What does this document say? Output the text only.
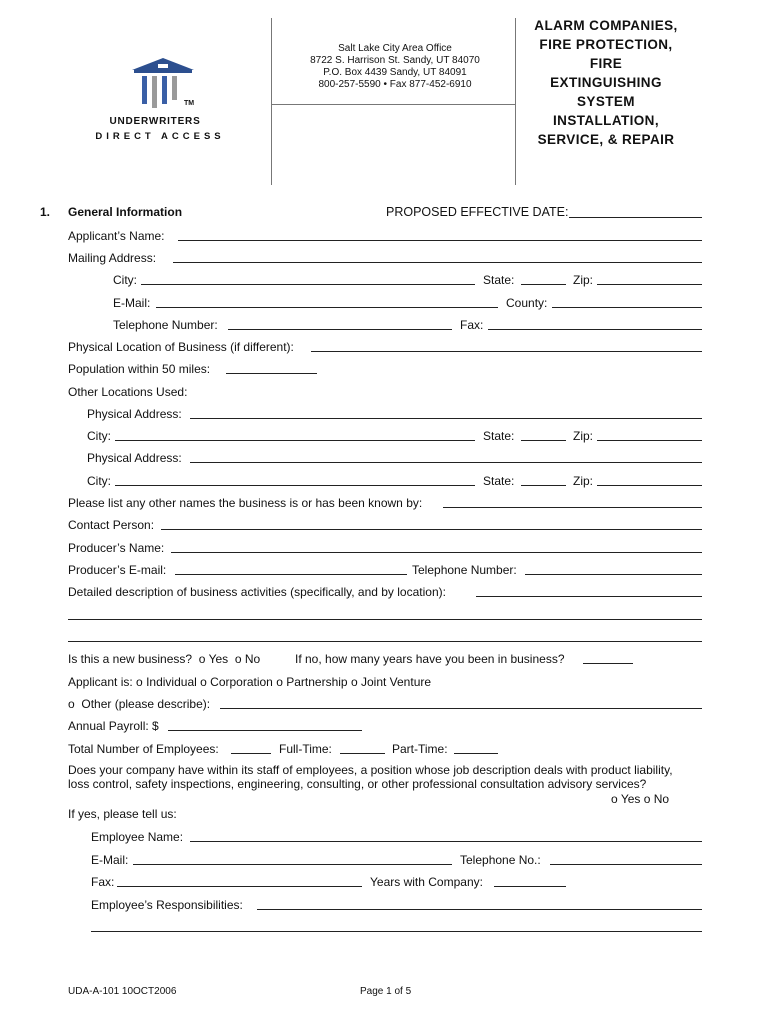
TM
UNDERWRITERS
DIRECT ACCESS
Salt Lake City Area Office
8722 S. Harrison St. Sandy, UT 84070
P.O. Box 4439 Sandy, UT 84091
800-257-5590 • Fax 877-452-6910
ALARM COMPANIES,
FIRE PROTECTION,
FIRE
EXTINGUISHING
SYSTEM
INSTALLATION,
SERVICE, & REPAIR
1. General Information	PROPOSED EFFECTIVE DATE:
Applicant’s Name:
Mailing Address:
City:	State:	Zip:
E-Mail:	County:
Telephone Number:	Fax:
Physical Location of Business (if different):
Population within 50 miles:
Other Locations Used:
Physical Address:
City:	State:	Zip:
Physical Address:
City:	State:	Zip:
Please list any other names the business is or has been known by:
Contact Person:
Producer’s Name:
Producer’s E-mail:	Telephone Number:
Detailed description of business activities (specifically, and by location):
Is this a new business? o Yes o No	If no, how many years have you been in business?
Applicant is: o Individual o Corporation o Partnership o Joint Venture
o Other (please describe):
Annual Payroll: $
Total Number of Employees:	Full-Time:	Part-Time:
Does your company have within its staff of employees, a position whose job description deals with product liability, loss control, safety inspections, engineering, consulting, or other professional consultation advisory services?
o Yes o No
If yes, please tell us:
Employee Name:
E-Mail:	Telephone No.:
Fax:	Years with Company:
Employee’s Responsibilities:
UDA-A-101 10OCT2006	Page 1 of 5
